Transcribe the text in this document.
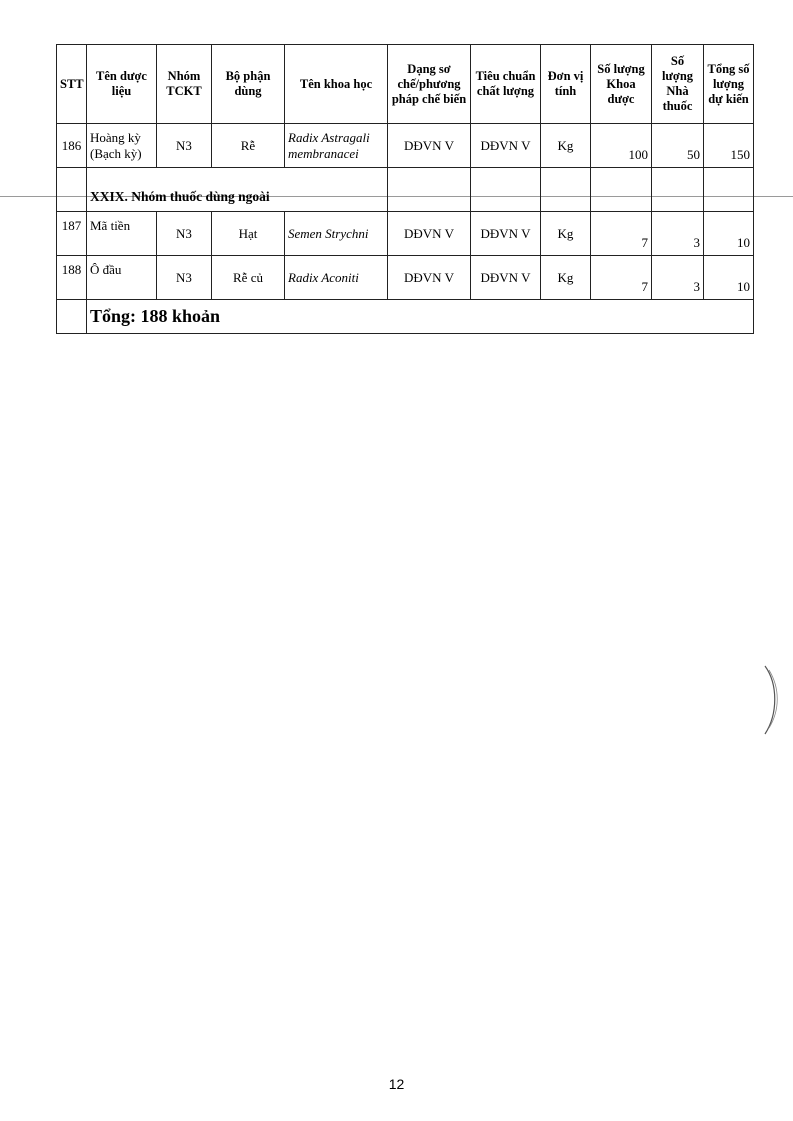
STT	Tên dược liệu	Nhóm TCKT	Bộ phận dùng	Tên khoa học	Dạng sơ chế/phương pháp chế biến	Tiêu chuẩn chất lượng	Đơn vị tính	Số lượng Khoa dược	Số lượng Nhà thuốc	Tổng số lượng dự kiến
186	Hoàng kỳ (Bạch kỳ)	N3	Rễ	Radix Astragali membranacei	DĐVN V	DĐVN V	Kg	100	50	150
	XXIX. Nhóm thuốc dùng ngoài									
187	Mã tiền	N3	Hạt	Semen Strychni	DĐVN V	DĐVN V	Kg	7	3	10
188	Ô đầu	N3	Rễ củ	Radix Aconiti	DĐVN V	DĐVN V	Kg	7	3	10
	Tổng: 188 khoản									
12
